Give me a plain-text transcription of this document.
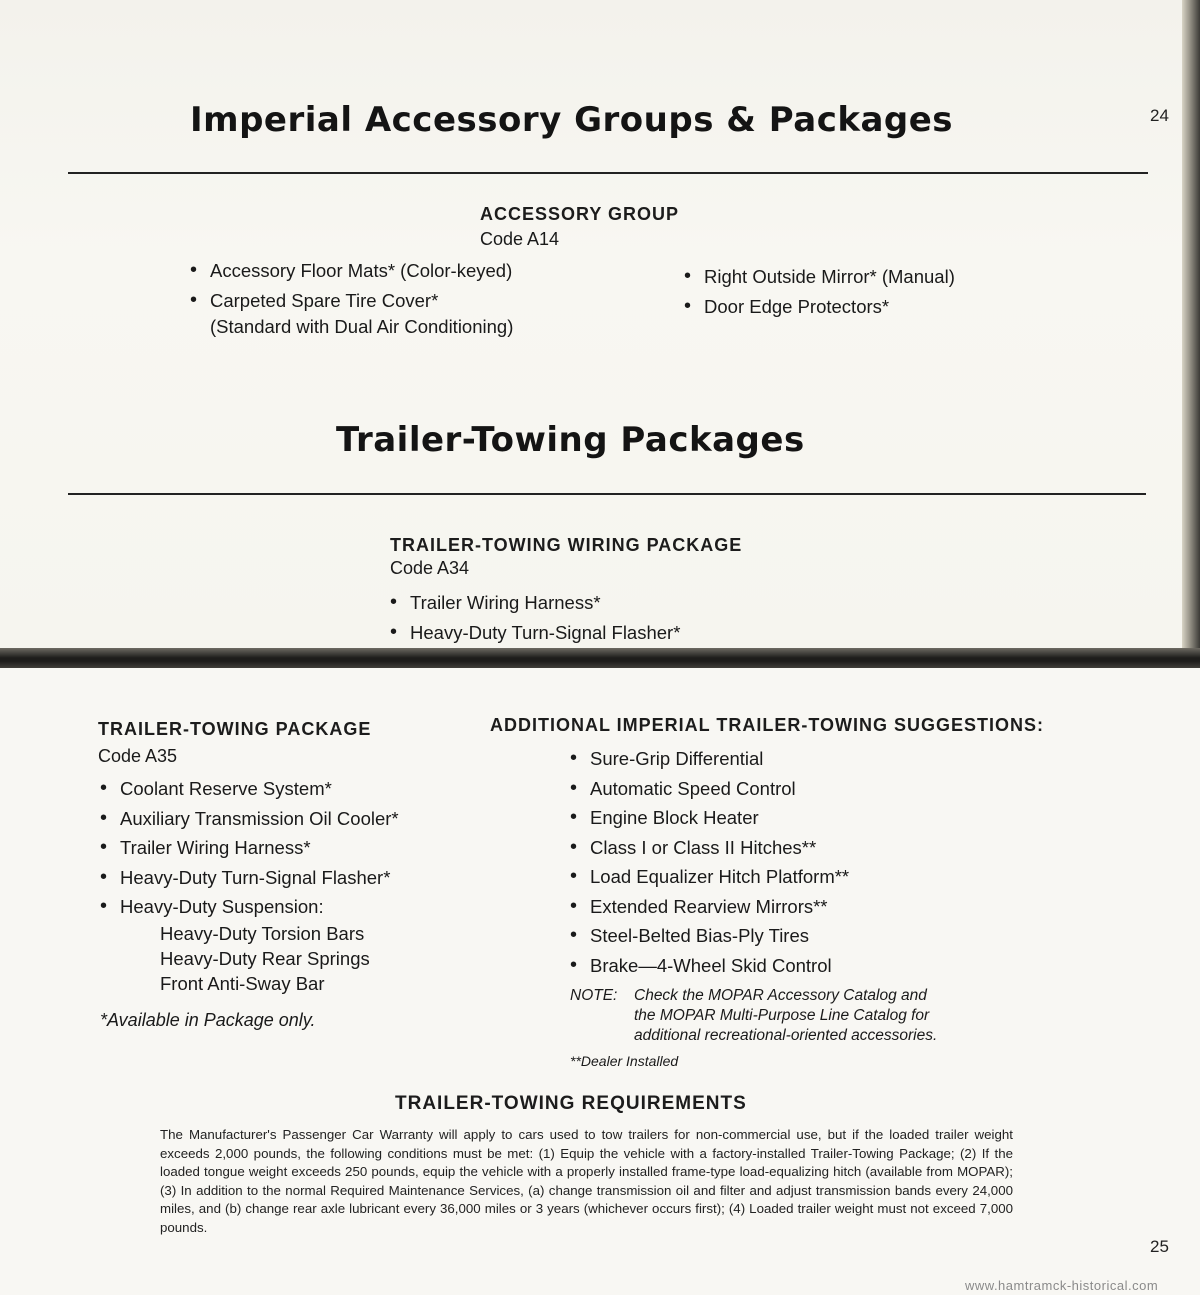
Imperial Accessory Groups & Packages	24
ACCESSORY GROUP
Code A14
• Accessory Floor Mats* (Color-keyed)
• Carpeted Spare Tire Cover*
(Standard with Dual Air Conditioning)
• Right Outside Mirror* (Manual)
• Door Edge Protectors*
Trailer-Towing Packages
TRAILER-TOWING WIRING PACKAGE
Code A34
• Trailer Wiring Harness*
• Heavy-Duty Turn-Signal Flasher*
TRAILER-TOWING PACKAGE
Code A35
• Coolant Reserve System*
• Auxiliary Transmission Oil Cooler*
• Trailer Wiring Harness*
• Heavy-Duty Turn-Signal Flasher*
• Heavy-Duty Suspension:
Heavy-Duty Torsion Bars
Heavy-Duty Rear Springs
Front Anti-Sway Bar
*Available in Package only.
ADDITIONAL IMPERIAL TRAILER-TOWING SUGGESTIONS:
• Sure-Grip Differential
• Automatic Speed Control
• Engine Block Heater
• Class I or Class II Hitches**
• Load Equalizer Hitch Platform**
• Extended Rearview Mirrors**
• Steel-Belted Bias-Ply Tires
• Brake—4-Wheel Skid Control
NOTE: Check the MOPAR Accessory Catalog and
the MOPAR Multi-Purpose Line Catalog for
additional recreational-oriented accessories.
**Dealer Installed
TRAILER-TOWING REQUIREMENTS

The Manufacturer's Passenger Car Warranty will apply to cars used to tow trailers for non-commercial use, but if the loaded trailer weight exceeds 2,000 pounds, the following conditions must be met: (1) Equip the vehicle with a factory-installed Trailer-Towing Package; (2) If the loaded tongue weight exceeds 250 pounds, equip the vehicle with a properly installed frame-type load-equalizing hitch (available from MOPAR); (3) In addition to the normal Required Maintenance Services, (a) change transmission oil and filter and adjust transmission bands every 24,000 miles, and (b) change rear axle lubricant every 36,000 miles or 3 years (whichever occurs first); (4) Loaded trailer weight must not exceed 7,000 pounds.

25
www.hamtramck-historical.com
